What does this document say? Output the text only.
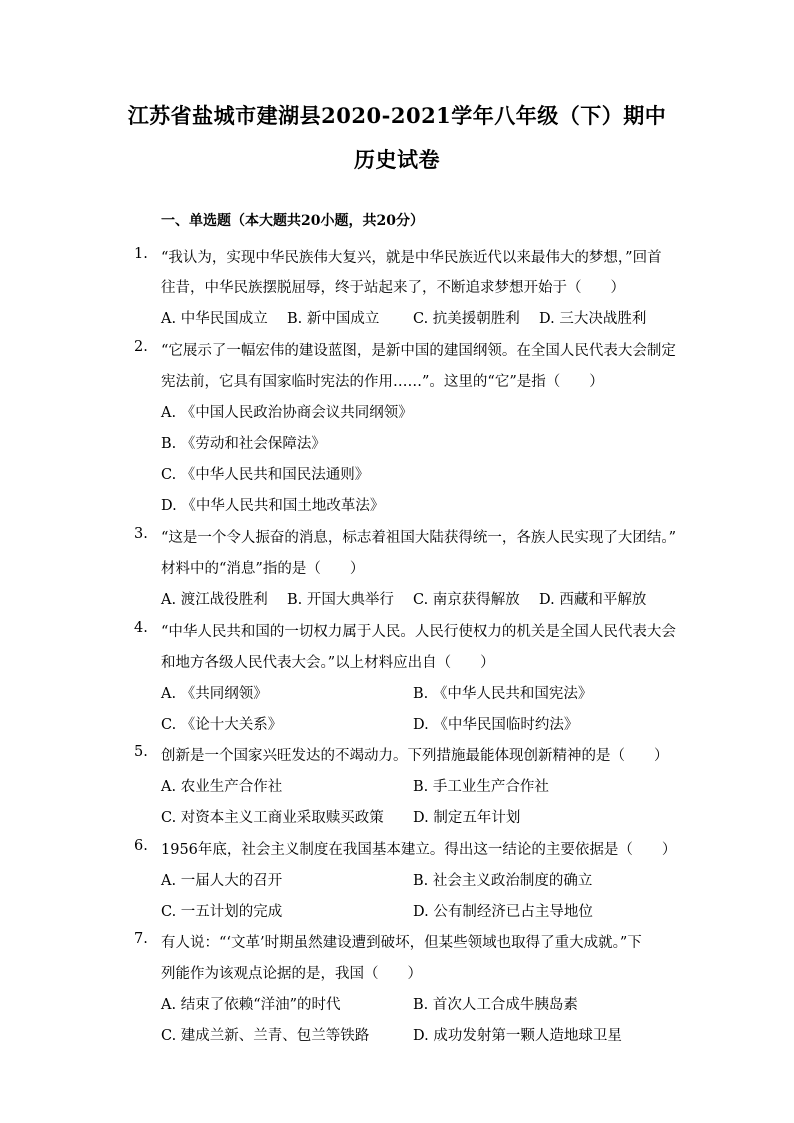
江苏省盐城市建湖县2020-2021学年八年级（下）期中
历史试卷
一、单选题（本大题共20小题，共20分）
1. “我认为，实现中华民族伟大复兴，就是中华民族近代以来最伟大的梦想，”回首
往昔，中华民族摆脱屈辱，终于站起来了，不断追求梦想开始于（　　）
A. 中华民国成立 B. 新中国成立 C. 抗美援朝胜利 D. 三大决战胜利
2. “它展示了一幅宏伟的建设蓝图，是新中国的建国纲领。在全国人民代表大会制定
宪法前，它具有国家临时宪法的作用……”。这里的“它”是指（　　）
A. 《中国人民政治协商会议共同纲领》
B. 《劳动和社会保障法》
C. 《中华人民共和国民法通则》
D. 《中华人民共和国土地改革法》
3. “这是一个令人振奋的消息，标志着祖国大陆获得统一，各族人民实现了大团结。”
材料中的“消息”指的是（　　）
A. 渡江战役胜利 B. 开国大典举行 C. 南京获得解放 D. 西藏和平解放
4. “中华人民共和国的一切权力属于人民。人民行使权力的机关是全国人民代表大会
和地方各级人民代表大会。”以上材料应出自（　　）
A. 《共同纲领》	B. 《中华人民共和国宪法》
C. 《论十大关系》	D. 《中华民国临时约法》
5. 创新是一个国家兴旺发达的不竭动力。下列措施最能体现创新精神的是（　　）
A. 农业生产合作社	B. 手工业生产合作社
C. 对资本主义工商业采取赎买政策 D. 制定五年计划
6. 1956年底，社会主义制度在我国基本建立。得出这一结论的主要依据是（　　）
A. 一届人大的召开	B. 社会主义政治制度的确立
C. 一五计划的完成	D. 公有制经济已占主导地位
7. 有人说：“‘文革’时期虽然建设遭到破坏，但某些领域也取得了重大成就。”下
列能作为该观点论据的是，我国（　　）
A. 结束了依赖“洋油”的时代	B. 首次人工合成牛胰岛素
C. 建成兰新、兰青、包兰等铁路	D. 成功发射第一颗人造地球卫星
